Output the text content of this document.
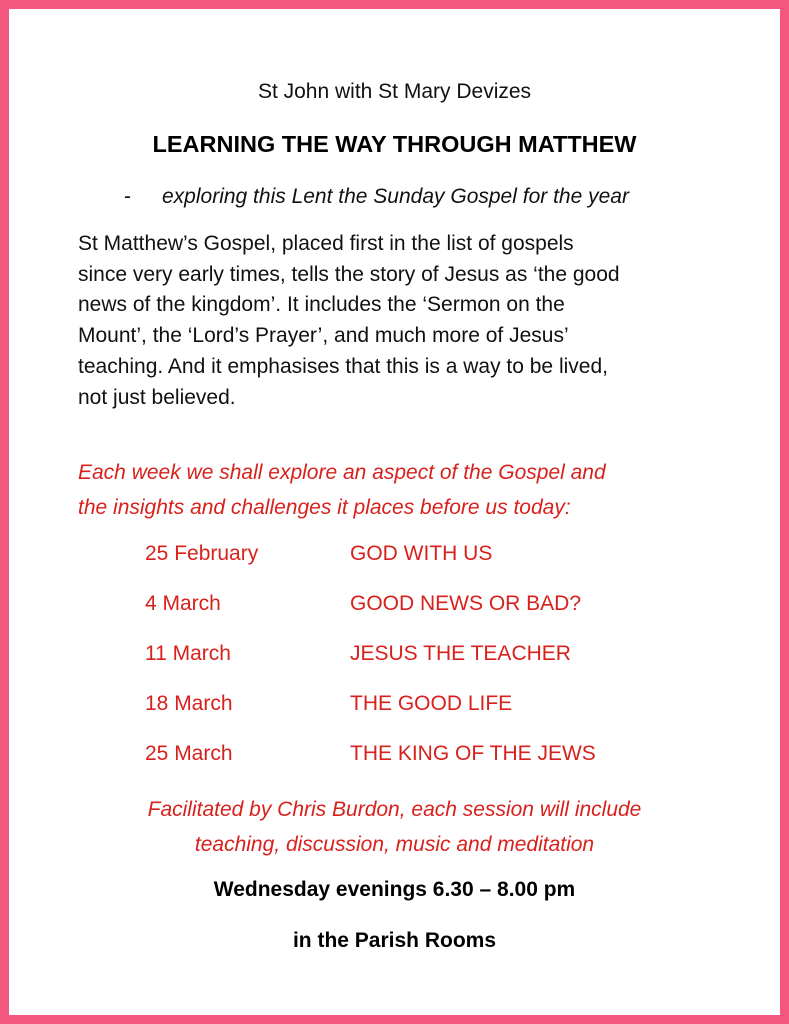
St John with St Mary Devizes
LEARNING THE WAY THROUGH MATTHEW
- exploring this Lent the Sunday Gospel for the year
St Matthew’s Gospel, placed first in the list of gospels
since very early times, tells the story of Jesus as ‘the good
news of the kingdom’. It includes the ‘Sermon on the
Mount’, the ‘Lord’s Prayer’, and much more of Jesus’
teaching. And it emphasises that this is a way to be lived,
not just believed.
Each week we shall explore an aspect of the Gospel and
the insights and challenges it places before us today:
25 February	GOD WITH US
4 March	GOOD NEWS OR BAD?
11 March	JESUS THE TEACHER
18 March	THE GOOD LIFE
25 March	THE KING OF THE JEWS
Facilitated by Chris Burdon, each session will include
teaching, discussion, music and meditation
Wednesday evenings 6.30 – 8.00 pm
in the Parish Rooms
